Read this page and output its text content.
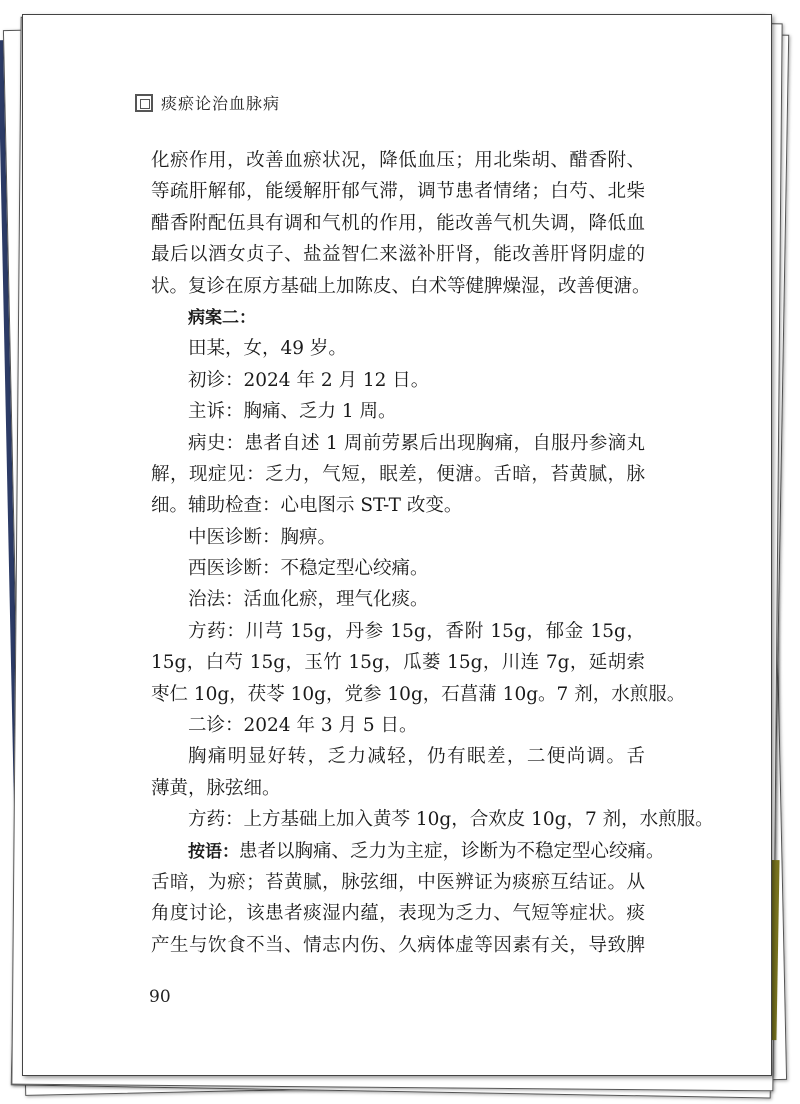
痰瘀论治血脉病
化瘀作用，改善血瘀状况，降低血压；用北柴胡、醋香附、
等疏肝解郁，能缓解肝郁气滞，调节患者情绪；白芍、北柴
醋香附配伍具有调和气机的作用，能改善气机失调，降低血
最后以酒女贞子、盐益智仁来滋补肝肾，能改善肝肾阴虚的
状。复诊在原方基础上加陈皮、白术等健脾燥湿，改善便溏。
病案二：
田某，女，49 岁。
初诊：2024 年 2 月 12 日。
主诉：胸痛、乏力 1 周。
病史：患者自述 1 周前劳累后出现胸痛，自服丹参滴丸
解，现症见：乏力，气短，眠差，便溏。舌暗，苔黄腻，脉
细。辅助检查：心电图示 ST-T 改变。
中医诊断：胸痹。
西医诊断：不稳定型心绞痛。
治法：活血化瘀，理气化痰。
方药：川芎 15g，丹参 15g，香附 15g，郁金 15g，
15g，白芍 15g，玉竹 15g，瓜蒌 15g，川连 7g，延胡索
枣仁 10g，茯苓 10g，党参 10g，石菖蒲 10g。7 剂，水煎服。
二诊：2024 年 3 月 5 日。
胸痛明显好转，乏力减轻，仍有眠差，二便尚调。舌
薄黄，脉弦细。
方药：上方基础上加入黄芩 10g，合欢皮 10g，7 剂，水煎服。
按语：患者以胸痛、乏力为主症，诊断为不稳定型心绞痛。
舌暗，为瘀；苔黄腻，脉弦细，中医辨证为痰瘀互结证。从
角度讨论，该患者痰湿内蕴，表现为乏力、气短等症状。痰
产生与饮食不当、情志内伤、久病体虚等因素有关，导致脾
90
